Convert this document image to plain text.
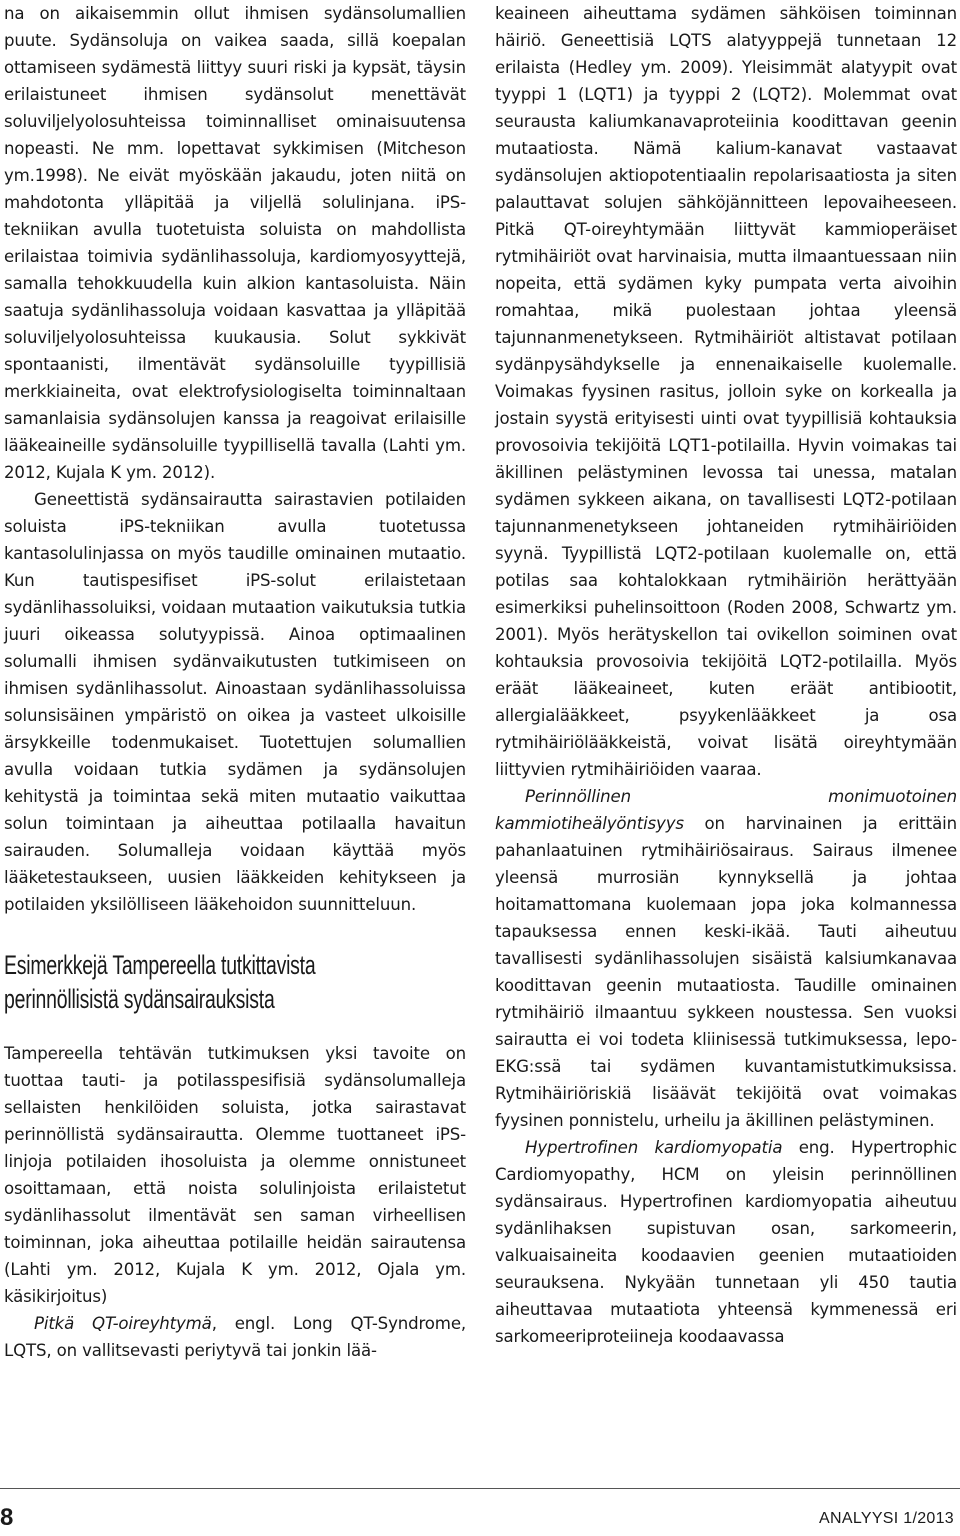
na on aikaisemmin ollut ihmisen sydänsolumallien puute. Sydänsoluja on vaikea saada, sillä koepalan ottamiseen sydämestä liittyy suuri riski ja kypsät, täysin erilaistuneet ihmisen sydänsolut menettävät soluviljelyolosuhteissa toiminnalliset ominaisuutensa nopeasti. Ne mm. lopettavat sykkimisen (Mitcheson ym.1998). Ne eivät myöskään jakaudu, joten niitä on mahdotonta ylläpitää ja viljellä solulinjana. iPS- tekniikan avulla tuotetuista soluista on mahdollista erilaistaa toimivia sydänlihassoluja, kardiomyosyyttejä, samalla tehokkuudella kuin alkion kantasoluista. Näin saatuja sydänlihassoluja voidaan kasvattaa ja ylläpitää soluviljelyolosuhteissa kuukausia. Solut sykkivät spontaanisti, ilmentävät sydänsoluille tyypillisiä merkkiaineita, ovat elektrofysiologiselta toiminnaltaan samanlaisia sydänsolujen kanssa ja reagoivat erilaisille lääkeaineille sydänsoluille tyypillisellä tavalla (Lahti ym. 2012, Kujala K ym. 2012).

Geneettistä sydänsairautta sairastavien potilaiden soluista iPS-tekniikan avulla tuotetussa kantasolulinjassa on myös taudille ominainen mutaatio. Kun tautispesifiset iPS-solut erilaistetaan sydänlihassoluiksi, voidaan mutaation vaikutuksia tutkia juuri oikeassa solutyypissä. Ainoa optimaalinen solumalli ihmisen sydänvaikutusten tutkimiseen on ihmisen sydänlihassolut. Ainoastaan sydänlihassoluissa solunsisäinen ympäristö on oikea ja vasteet ulkoisille ärsykkeille todenmukaiset. Tuotettujen solumallien avulla voidaan tutkia sydämen ja sydänsolujen kehitystä ja toimintaa sekä miten mutaatio vaikuttaa solun toimintaan ja aiheuttaa potilaalla havaitun sairauden. Solumalleja voidaan käyttää myös lääketestaukseen, uusien lääkkeiden kehitykseen ja potilaiden yksilölliseen lääkehoidon suunnitteluun.

Esimerkkejä Tampereella tutkittavista
perinnöllisistä sydänsairauksista

Tampereella tehtävän tutkimuksen yksi tavoite on tuottaa tauti- ja potilasspesifisiä sydänsolumalleja sellaisten henkilöiden soluista, jotka sairastavat perinnöllistä sydänsairautta. Olemme tuottaneet iPS- linjoja potilaiden ihosoluista ja olemme onnistuneet osoittamaan, että noista solulinjoista erilaistetut sydänlihassolut ilmentävät sen saman virheellisen toiminnan, joka aiheuttaa potilaille heidän sairautensa (Lahti ym. 2012, Kujala K ym. 2012, Ojala ym. käsikirjoitus)

Pitkä QT-oireyhtymä, engl. Long QT-Syndrome, LQTS, on vallitsevasti periytyvä tai jonkin lää-

keaineen aiheuttama sydämen sähköisen toiminnan häiriö. Geneettisiä LQTS alatyyppejä tunnetaan 12 erilaista (Hedley ym. 2009). Yleisimmät alatyypit ovat tyyppi 1 (LQT1) ja tyyppi 2 (LQT2). Molemmat ovat seurausta kaliumkanavaproteiinia koodittavan geenin mutaatiosta. Nämä kalium-kanavat vastaavat sydänsolujen aktiopotentiaalin repolarisaatiosta ja siten palauttavat solujen sähköjännitteen lepovaiheeseen. Pitkä QT-oireyhtymään liittyvät kammioperäiset rytmihäiriöt ovat harvinaisia, mutta ilmaantuessaan niin nopeita, että sydämen kyky pumpata verta aivoihin romahtaa, mikä puolestaan johtaa yleensä tajunnanmenetykseen. Rytmihäiriöt altistavat potilaan sydänpysähdykselle ja ennenaikaiselle kuolemalle. Voimakas fyysinen rasitus, jolloin syke on korkealla ja jostain syystä erityisesti uinti ovat tyypillisiä kohtauksia provosoivia tekijöitä LQT1-potilailla. Hyvin voimakas tai äkillinen pelästyminen levossa tai unessa, matalan sydämen sykkeen aikana, on tavallisesti LQT2-potilaan tajunnanmenetykseen johtaneiden rytmihäiriöiden syynä. Tyypillistä LQT2-potilaan kuolemalle on, että potilas saa kohtalokkaan rytmihäiriön herättyään esimerkiksi puhelinsoittoon (Roden 2008, Schwartz ym. 2001). Myös herätyskellon tai ovikellon soiminen ovat kohtauksia provosoivia tekijöitä LQT2-potilailla. Myös eräät lääkeaineet, kuten eräät antibiootit, allergialääkkeet, psyykenlääkkeet ja osa rytmihäiriölääkkeistä, voivat lisätä oireyhtymään liittyvien rytmihäiriöiden vaaraa.

Perinnöllinen monimuotoinen kammiotiheälyöntisyys on harvinainen ja erittäin pahanlaatuinen rytmihäiriösairaus. Sairaus ilmenee yleensä murrosiän kynnyksellä ja johtaa hoitamattomana kuolemaan jopa joka kolmannessa tapauksessa ennen keski-ikää. Tauti aiheutuu tavallisesti sydänlihassolujen sisäistä kalsiumkanavaa koodittavan geenin mutaatiosta. Taudille ominainen rytmihäiriö ilmaantuu sykkeen noustessa. Sen vuoksi sairautta ei voi todeta kliinisessä tutkimuksessa, lepo-EKG:ssä tai sydämen kuvantamistutkimuksissa. Rytmihäiriöriskiä lisäävät tekijöitä ovat voimakas fyysinen ponnistelu, urheilu ja äkillinen pelästyminen.

Hypertrofinen kardiomyopatia eng. Hypertrophic Cardiomyopathy, HCM on yleisin perinnöllinen sydänsairaus. Hypertrofinen kardiomyopatia aiheutuu sydänlihaksen supistuvan osan, sarkomeerin, valkuaisaineita koodaavien geenien mutaatioiden seurauksena. Nykyään tunnetaan yli 450 tautia aiheuttavaa mutaatiota yhteensä kymmenessä eri sarkomeeriproteiineja koodaavassa

8	ANALYYSI 1/2013
